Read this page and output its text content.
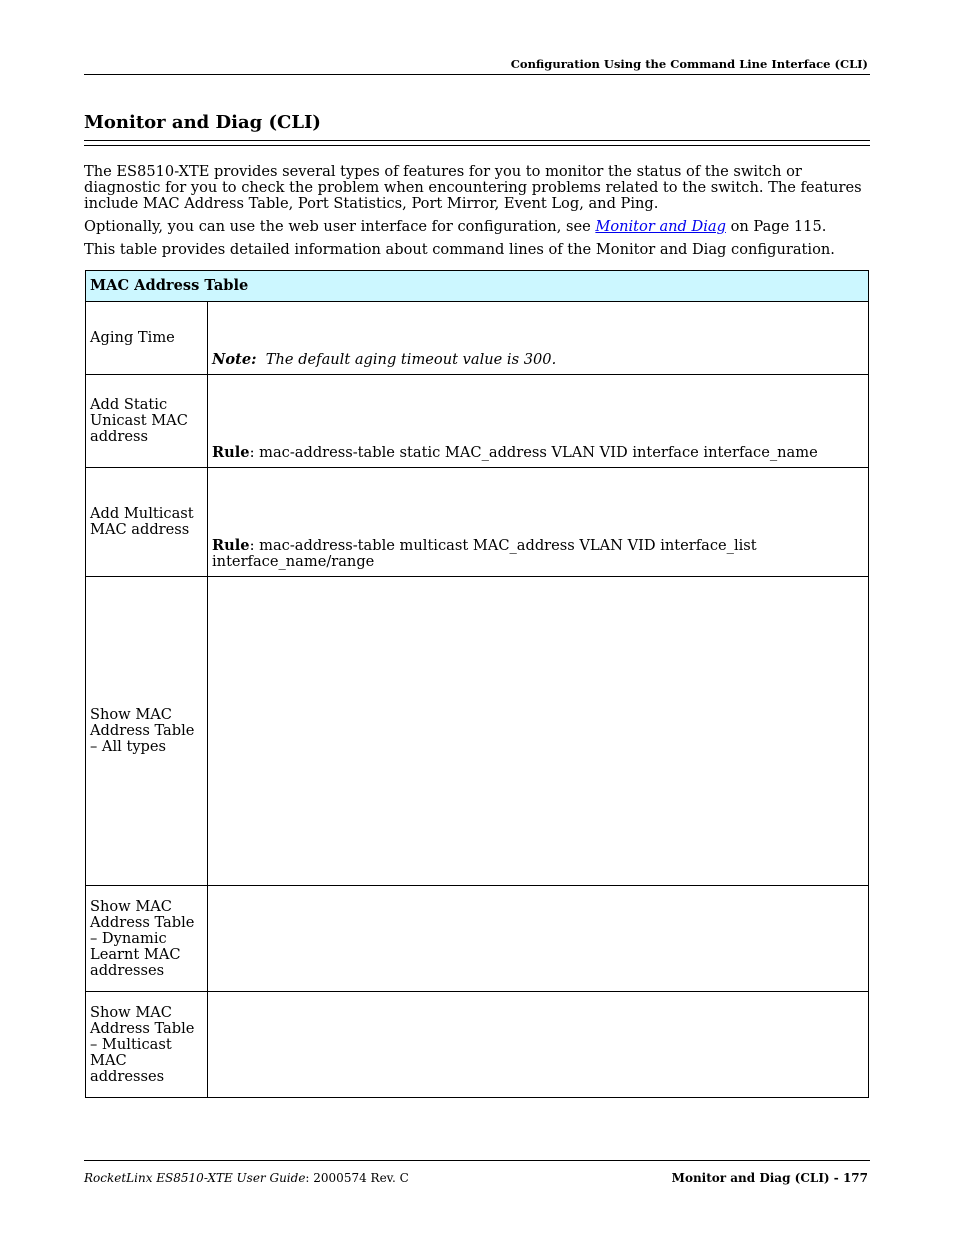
Configuration Using the Command Line Interface (CLI)
Monitor and Diag (CLI)

The ES8510-XTE provides several types of features for you to monitor the status of the switch or diagnostic for you to check the problem when encountering problems related to the switch. The features include MAC Address Table, Port Statistics, Port Mirror, Event Log, and Ping.

Optionally, you can use the web user interface for configuration, see Monitor and Diag on Page 115.

This table provides detailed information about command lines of the Monitor and Diag configuration.

MAC Address Table	
Aging Time	Note: The default aging timeout value is 300.
Add Static Unicast MAC address	Rule: mac-address-table static MAC_address VLAN VID interface interface_name
Add Multicast MAC address	Rule: mac-address-table multicast MAC_address VLAN VID interface_list interface_name/range
Show MAC Address Table – All types	
Show MAC Address Table – Dynamic Learnt MAC addresses	
Show MAC Address Table – Multicast MAC addresses	
RocketLinx ES8510-XTE User Guide: 2000574 Rev. C	Monitor and Diag (CLI) - 177
